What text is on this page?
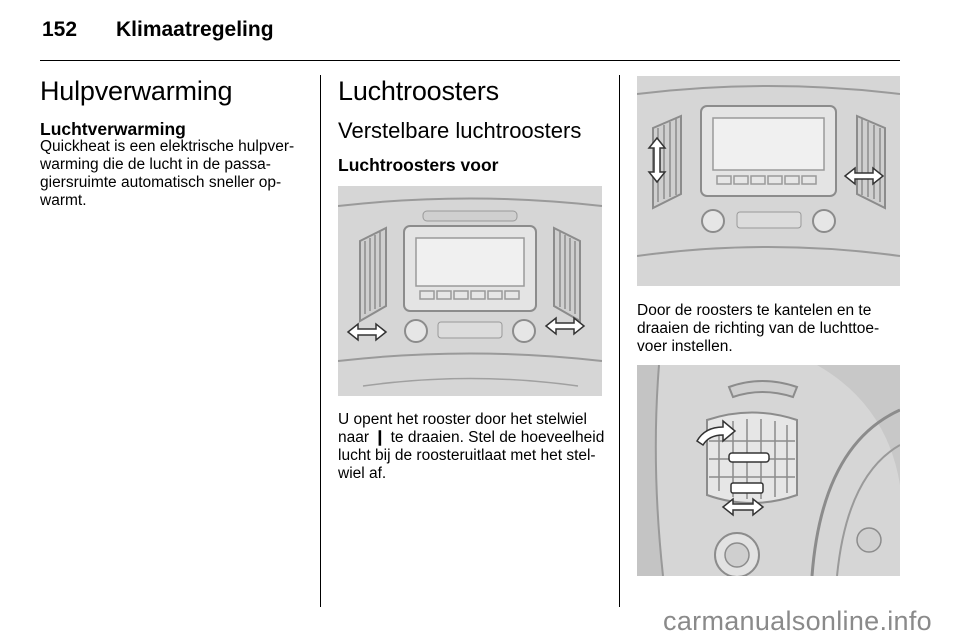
152 Klimaatregeling
Hulpverwarming
Luchtverwarming
Quickheat is een elektrische hulpver-
warming die de lucht in de passa-
giersruimte automatisch sneller op-
warmt.
Luchtroosters
Verstelbare luchtroosters
Luchtroosters voor
U opent het rooster door het stelwiel
naar ❙ te draaien. Stel de hoeveelheid
lucht bij de roosteruitlaat met het stel-
wiel af.
Door de roosters te kantelen en te
draaien de richting van de luchttoe-
voer instellen.
carmanualsonline.info
